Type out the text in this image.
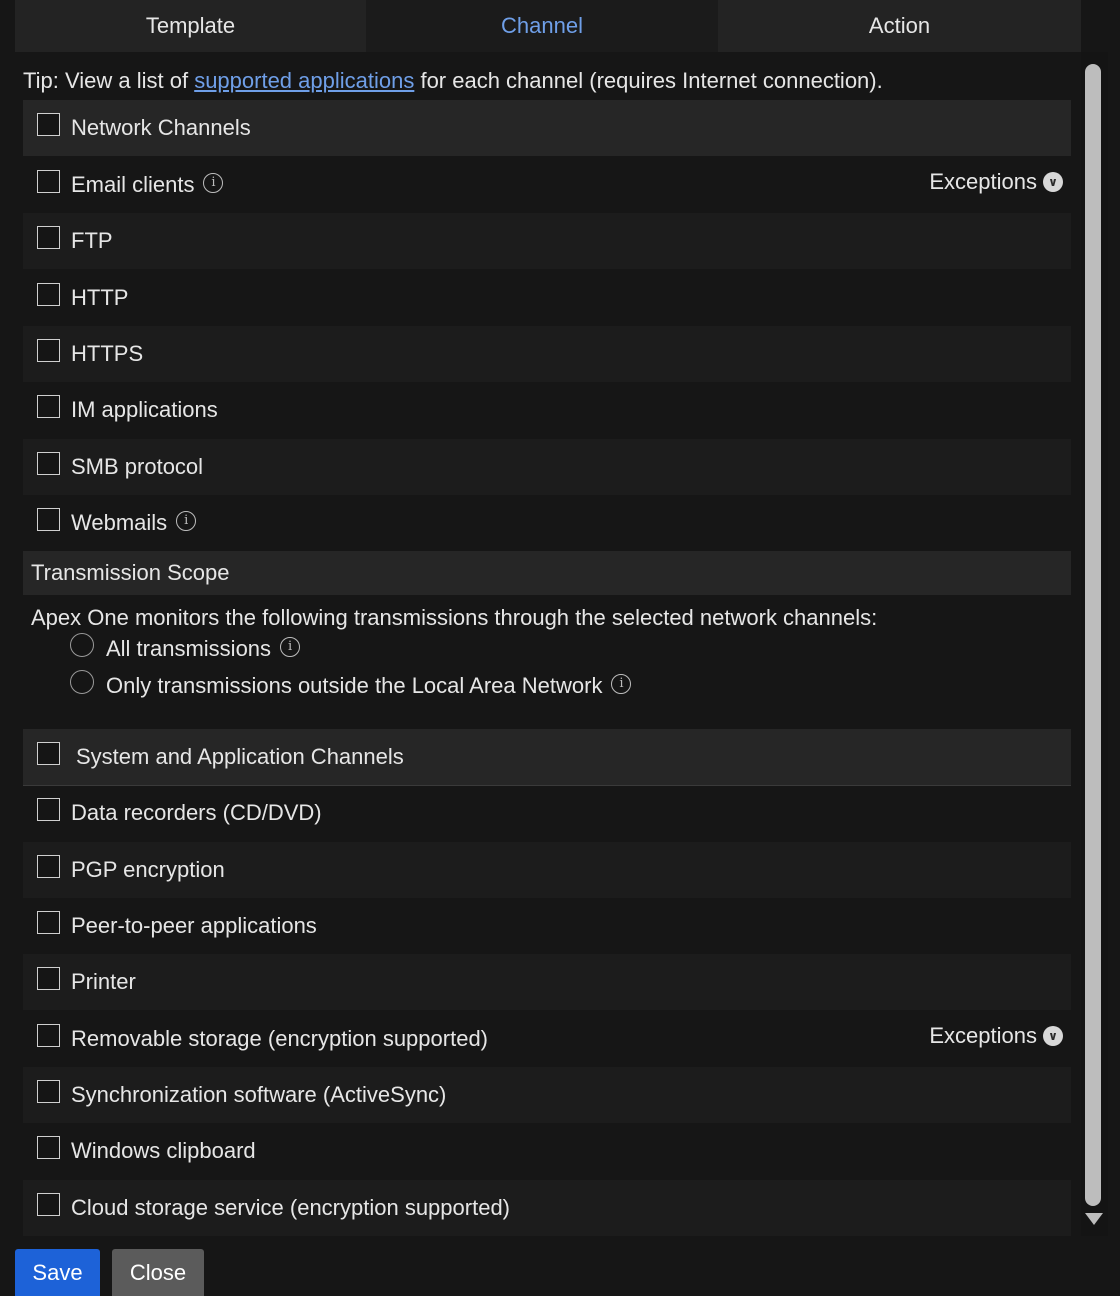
Template	Channel	Action
Tip: View a list of supported applications for each channel (requires Internet connection).
Network Channels
Email clients	i	Exceptions ∨
FTP
HTTP
HTTPS
IM applications
SMB protocol
Webmails	i
Transmission Scope
Apex One monitors the following transmissions through the selected network channels:
All transmissions	i
Only transmissions outside the Local Area Network	i
System and Application Channels
Data recorders (CD/DVD)
PGP encryption
Peer-to-peer applications
Printer
Removable storage (encryption supported)	Exceptions ∨
Synchronization software (ActiveSync)
Windows clipboard
Cloud storage service (encryption supported)
Save	Close
